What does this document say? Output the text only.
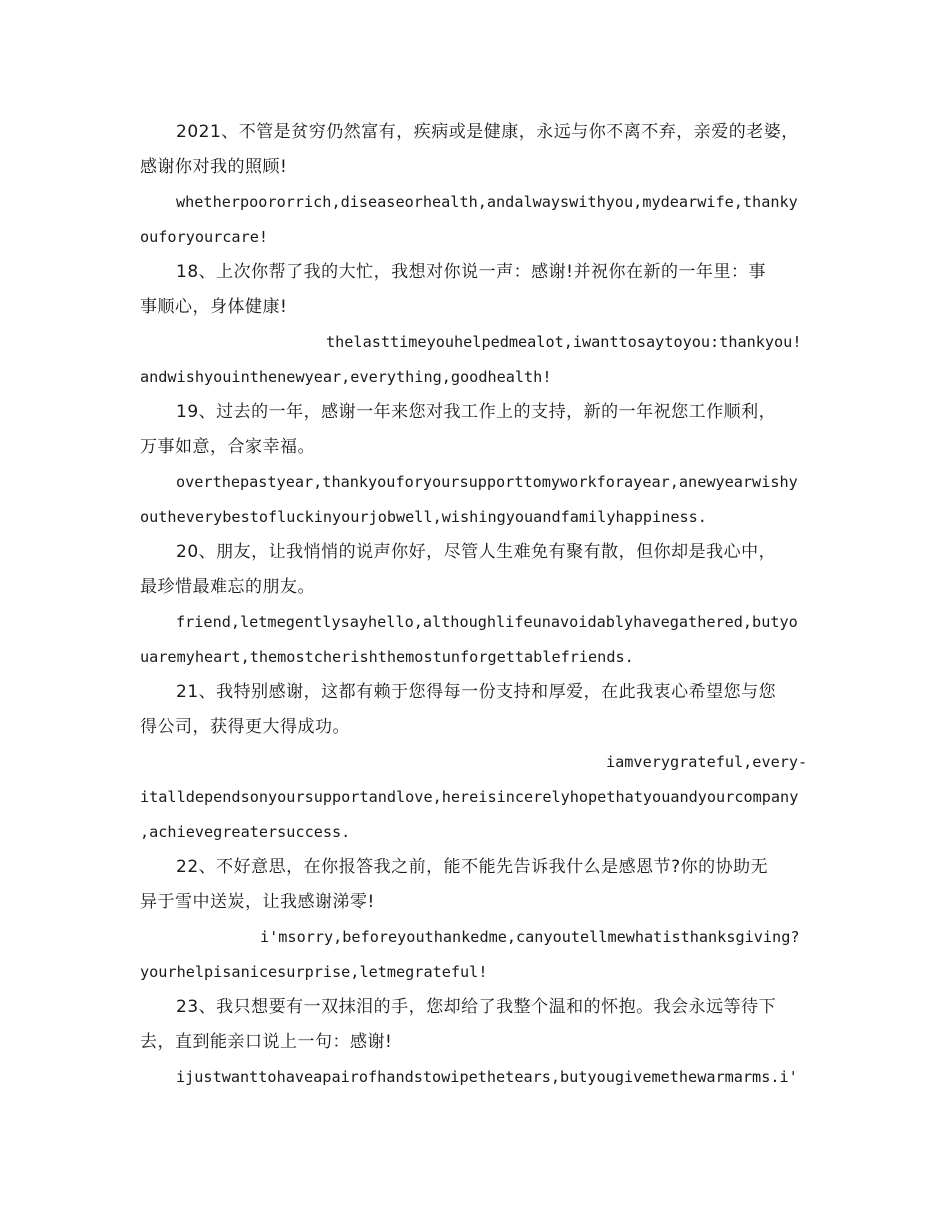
2021、不管是贫穷仍然富有，疾病或是健康，永远与你不离不弃，亲爱的老婆，

感谢你对我的照顾!

whetherpoororrich,diseaseorhealth,andalwayswithyou,mydearwife,thanky

ouforyourcare!

18、上次你帮了我的大忙，我想对你说一声：感谢!并祝你在新的一年里：事

事顺心，身体健康!

thelasttimeyouhelpedmealot,iwanttosaytoyou:thankyou!

andwishyouinthenewyear,everything,goodhealth!

19、过去的一年，感谢一年来您对我工作上的支持，新的一年祝您工作顺利，

万事如意，合家幸福。

overthepastyear,thankyouforyoursupporttomyworkforayear,anewyearwishy

outheverybestofluckinyourjobwell,wishingyouandfamilyhappiness.

20、朋友，让我悄悄的说声你好，尽管人生难免有聚有散，但你却是我心中，

最珍惜最难忘的朋友。

friend,letmegentlysayhello,althoughlifeunavoidablyhavegathered,butyo

uaremyheart,themostcherishthemostunforgettablefriends.

21、我特别感谢，这都有赖于您得每一份支持和厚爱，在此我衷心希望您与您

得公司，获得更大得成功。

iamverygrateful,every-

italldependsonyoursupportandlove,hereisincerelyhopethatyouandyourcompany

,achievegreatersuccess.

22、不好意思，在你报答我之前，能不能先告诉我什么是感恩节?你的协助无

异于雪中送炭，让我感谢涕零!

i'msorry,beforeyouthankedme,canyoutellmewhatisthanksgiving?

yourhelpisanicesurprise,letmegrateful!

23、我只想要有一双抹泪的手，您却给了我整个温和的怀抱。我会永远等待下

去，直到能亲口说上一句：感谢!

ijustwanttohaveapairofhandstowipethetears,butyougivemethewarmarms.i'
